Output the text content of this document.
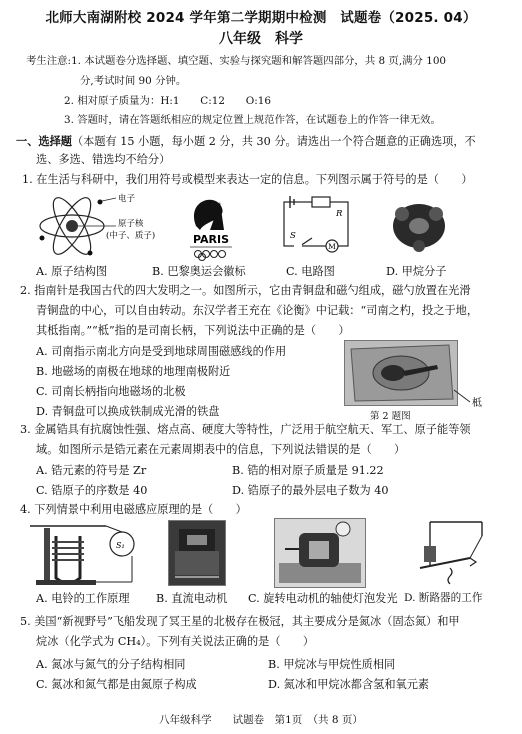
北师大南湖附校 2024 学年第二学期期中检测　试题卷（2025. 04）
八年级　科学
考生注意:1. 本试题卷分选择题、填空题、实验与探究题和解答题四部分，共 8 页,满分 100
分,考试时间 90 分钟。
2. 相对原子质量为：H:1　　C:12　　O:16
3. 答题时，请在答题纸相应的规定位置上规范作答，在试题卷上的作答一律无效。
一、选择题（本题有 15 小题，每小题 2 分，共 30 分。请选出一个符合题意的正确选项，不
选、多选、错选均不给分）
1. 在生活与科研中，我们用符号或模型来表达一定的信息。下列图示属于符号的是（　　）
电子
原子核
(中子、质子)	PARIS
R
S
M
A. 原子结构图	B. 巴黎奥运会徽标	C. 电路图	D. 甲烷分子
2. 指南针是我国古代的四大发明之一。如图所示，它由青铜盘和磁勺组成，磁勺放置在光滑
青铜盘的中心，可以自由转动。东汉学者王充在《论衡》中记载：“司南之杓，投之于地，
其柢指南。”“柢”指的是司南长柄，下列说法中正确的是（　　）
A. 司南指示南北方向是受到地球周围磁感线的作用
B. 地磁场的南极在地球的地理南极附近
C. 司南长柄指向地磁场的北极
D. 青铜盘可以换成铁制成光滑的铁盘
柢
第 2 题图
3. 金属锆具有抗腐蚀性强、熔点高、硬度大等特性，广泛用于航空航天、军工、原子能等领
域。如图所示是锆元素在元素周期表中的信息，下列说法错误的是（　　）
A. 锆元素的符号是 Zr	B. 锆的相对原子质量是 91.22
C. 锆原子的序数是 40	D. 锆原子的最外层电子数为 40
4. 下列情景中利用电磁感应原理的是（　　）
S₁
A. 电铃的工作原理 B. 直流电动机 C. 旋转电动机的轴使灯泡发光 D. 断路器的工作
5. 美国“新视野号”飞船发现了冥王星的北极存在极冠，其主要成分是氮冰（固态氮）和甲
烷冰（化学式为 CH₄）。下列有关说法正确的是（　　）
A. 氮冰与氮气的分子结构相同	B. 甲烷冰与甲烷性质相同
C. 氮冰和氮气都是由氮原子构成	D. 氮冰和甲烷冰都含氢和氧元素
八年级科学　　试题卷　第1页　（共 8 页）
